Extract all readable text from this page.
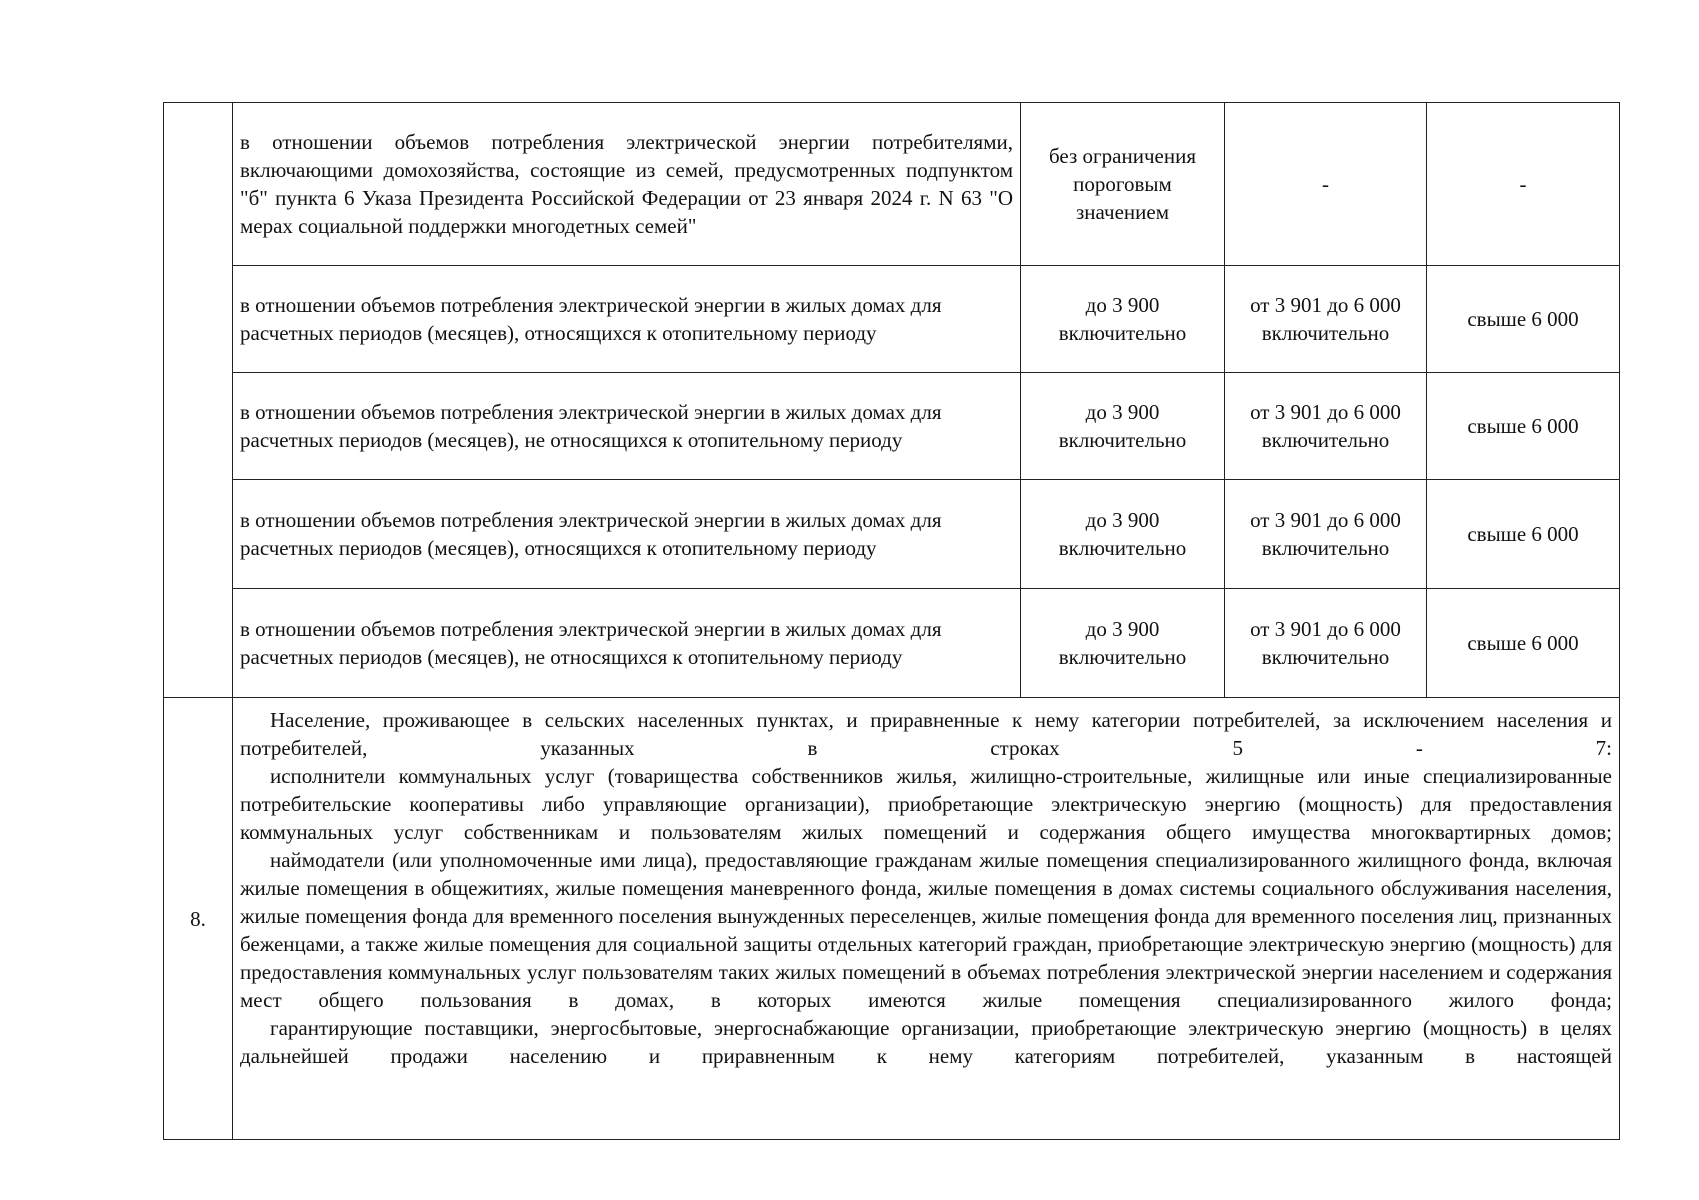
	в отношении объемов потребления электрической энергии потребителями, включающими домохозяйства, состоящие из семей, предусмотренных подпунктом "б" пункта 6 Указа Президента Российской Федерации от 23 января 2024 г. N 63 "О мерах социальной поддержки многодетных семей"	без ограничения пороговым значением	-	-
	в отношении объемов потребления электрической энергии в жилых домах для расчетных периодов (месяцев), относящихся к отопительному периоду	до 3 900 включительно	от 3 901 до 6 000 включительно	свыше 6 000
	в отношении объемов потребления электрической энергии в жилых домах для расчетных периодов (месяцев), не относящихся к отопительному периоду	до 3 900 включительно	от 3 901 до 6 000 включительно	свыше 6 000
	в отношении объемов потребления электрической энергии в жилых домах для расчетных периодов (месяцев), относящихся к отопительному периоду	до 3 900 включительно	от 3 901 до 6 000 включительно	свыше 6 000
	в отношении объемов потребления электрической энергии в жилых домах для расчетных периодов (месяцев), не относящихся к отопительному периоду	до 3 900 включительно	от 3 901 до 6 000 включительно	свыше 6 000
8.	Население, проживающее в сельских населенных пунктах, и приравненные к нему категории потребителей, за исключением населения и потребителей, указанных в строках 5 - 7:

исполнители коммунальных услуг (товарищества собственников жилья, жилищно-строительные, жилищные или иные специализированные потребительские кооперативы либо управляющие организации), приобретающие электрическую энергию (мощность) для предоставления коммунальных услуг собственникам и пользователям жилых помещений и содержания общего имущества многоквартирных домов;

наймодатели (или уполномоченные ими лица), предоставляющие гражданам жилые помещения специализированного жилищного фонда, включая жилые помещения в общежитиях, жилые помещения маневренного фонда, жилые помещения в домах системы социального обслуживания населения, жилые помещения фонда для временного поселения вынужденных переселенцев, жилые помещения фонда для временного поселения лиц, признанных беженцами, а также жилые помещения для социальной защиты отдельных категорий граждан, приобретающие электрическую энергию (мощность) для предоставления коммунальных услуг пользователям таких жилых помещений в объемах потребления электрической энергии населением и содержания мест общего пользования в домах, в которых имеются жилые помещения специализированного жилого фонда;

гарантирующие поставщики, энергосбытовые, энергоснабжающие организации, приобретающие электрическую энергию (мощность) в целях дальнейшей продажи населению и приравненным к нему категориям потребителей, указанным в настоящей			
